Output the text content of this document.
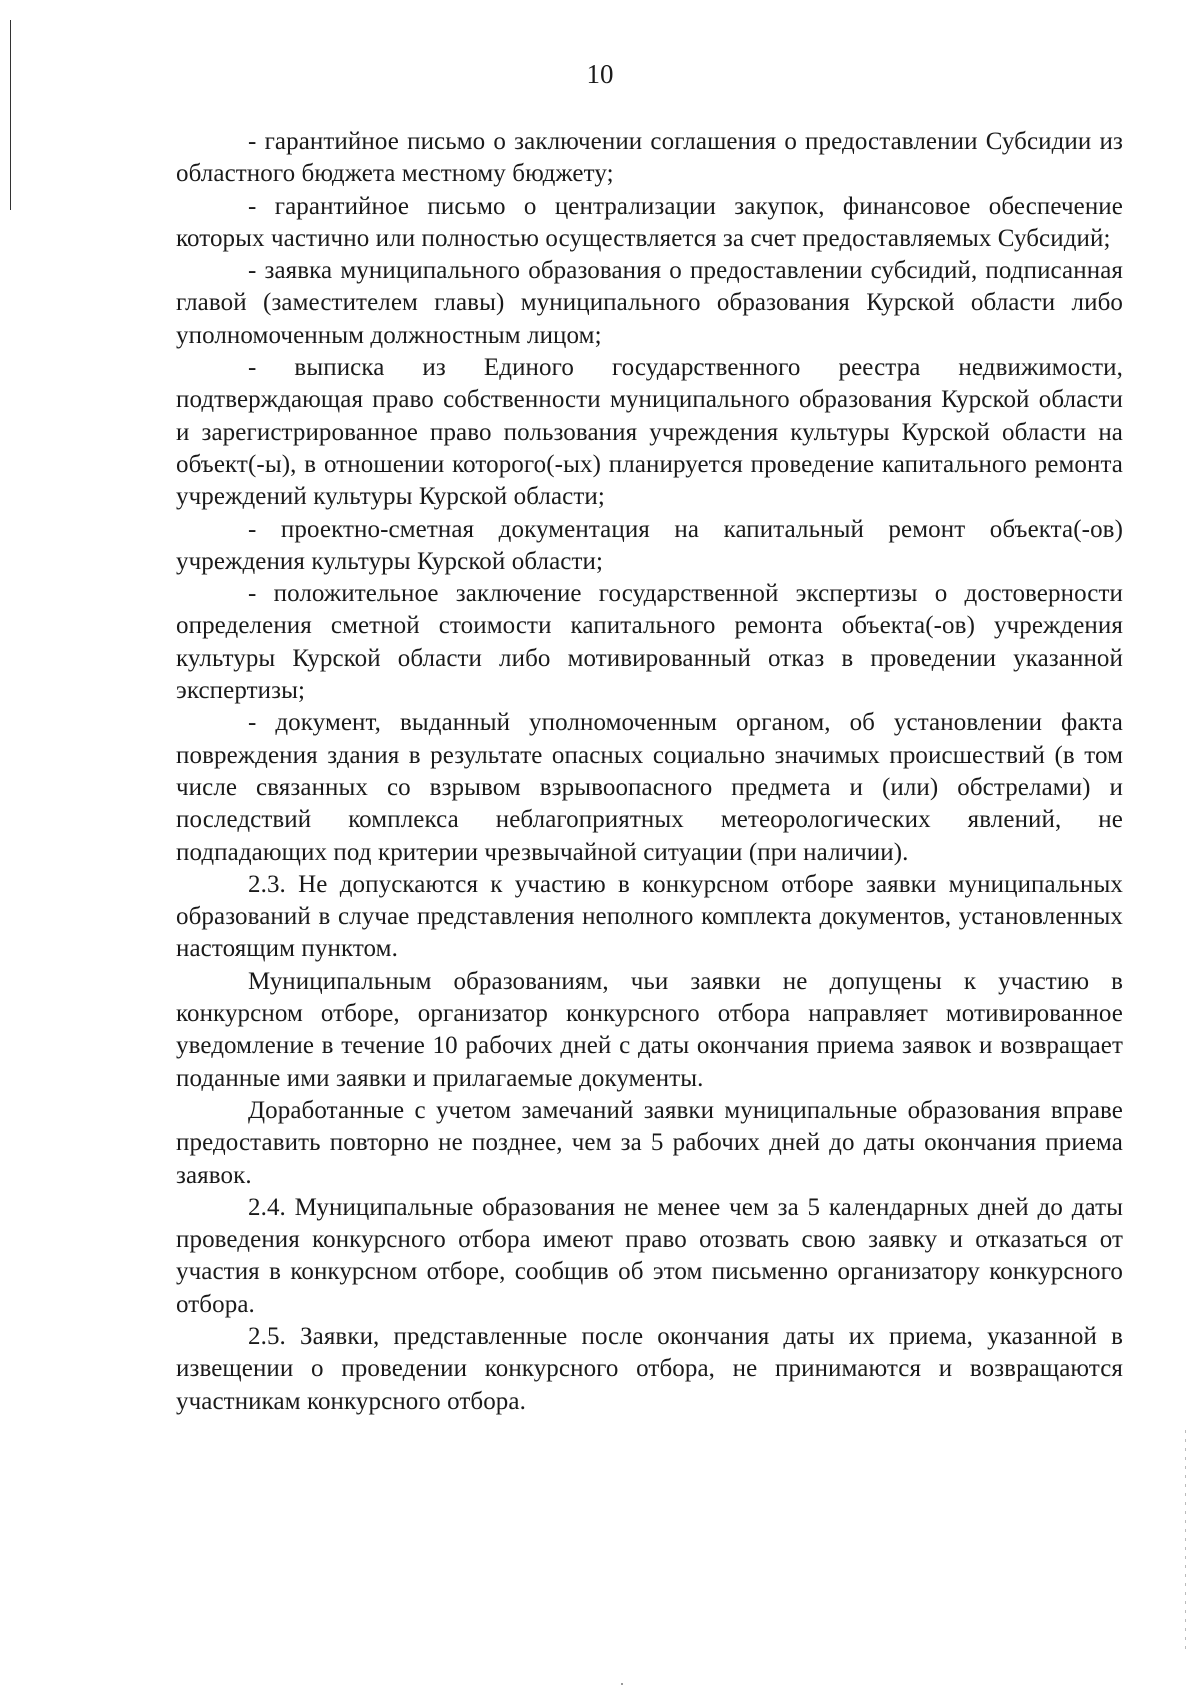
10

- гарантийное письмо о заключении соглашения о предоставлении Субсидии из областного бюджета местному бюджету;

- гарантийное письмо о централизации закупок, финансовое обеспечение которых частично или полностью осуществляется за счет предоставляемых Субсидий;

- заявка муниципального образования о предоставлении субсидий, подписанная главой (заместителем главы) муниципального образования Курской области либо уполномоченным должностным лицом;

- выписка из Единого государственного реестра недвижимости, подтверждающая право собственности муниципального образования Курской области и зарегистрированное право пользования учреждения культуры Курской области на объект(-ы), в отношении которого(-ых) планируется проведение капитального ремонта учреждений культуры Курской области;

- проектно-сметная документация на капитальный ремонт объекта(-ов) учреждения культуры Курской области;

- положительное заключение государственной экспертизы о достоверности определения сметной стоимости капитального ремонта объекта(-ов) учреждения культуры Курской области либо мотивированный отказ в проведении указанной экспертизы;

- документ, выданный уполномоченным органом, об установлении факта повреждения здания в результате опасных социально значимых происшествий (в том числе связанных со взрывом взрывоопасного предмета и (или) обстрелами) и последствий комплекса неблагоприятных метеорологических явлений, не подпадающих под критерии чрезвычайной ситуации (при наличии).

2.3. Не допускаются к участию в конкурсном отборе заявки муниципальных образований в случае представления неполного комплекта документов, установленных настоящим пунктом.

Муниципальным образованиям, чьи заявки не допущены к участию в конкурсном отборе, организатор конкурсного отбора направляет мотивированное уведомление в течение 10 рабочих дней с даты окончания приема заявок и возвращает поданные ими заявки и прилагаемые документы.

Доработанные с учетом замечаний заявки муниципальные образования вправе предоставить повторно не позднее, чем за 5 рабочих дней до даты окончания приема заявок.

2.4. Муниципальные образования не менее чем за 5 календарных дней до даты проведения конкурсного отбора имеют право отозвать свою заявку и отказаться от участия в конкурсном отборе, сообщив об этом письменно организатору конкурсного отбора.

2.5. Заявки, представленные после окончания даты их приема, указанной в извещении о проведении конкурсного отбора, не принимаются и возвращаются участникам конкурсного отбора.
